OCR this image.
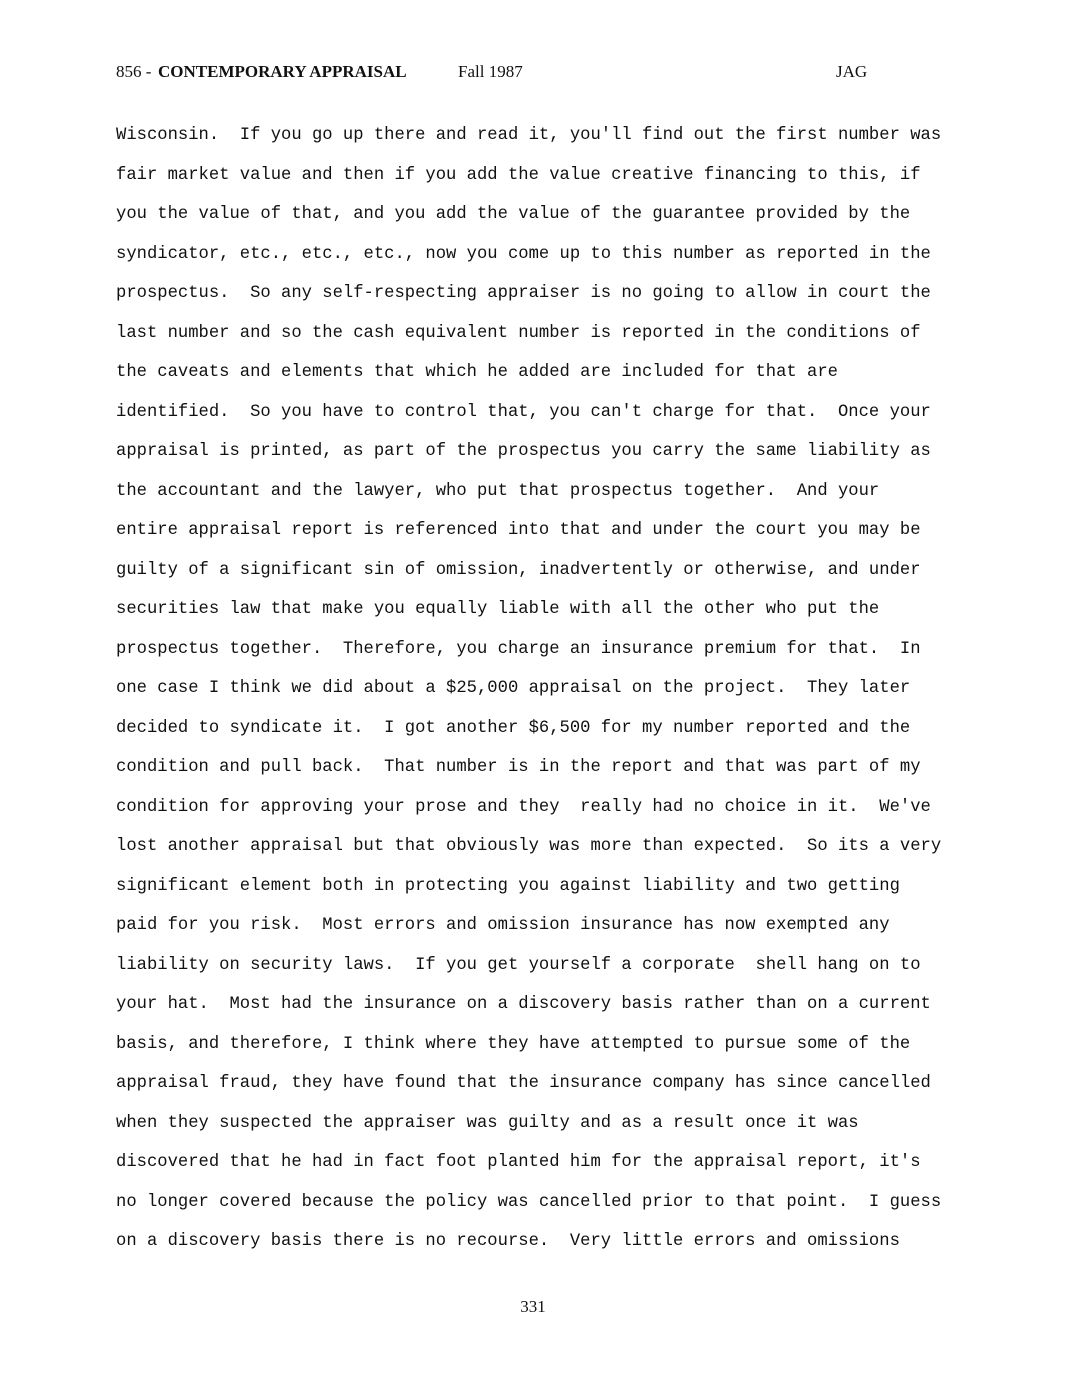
856 - CONTEMPORARY APPRAISAL	Fall 1987	JAG
Wisconsin.  If you go up there and read it, you'll find out the first number was
fair market value and then if you add the value creative financing to this, if
you the value of that, and you add the value of the guarantee provided by the
syndicator, etc., etc., etc., now you come up to this number as reported in the
prospectus.  So any self-respecting appraiser is no going to allow in court the
last number and so the cash equivalent number is reported in the conditions of
the caveats and elements that which he added are included for that are
identified.  So you have to control that, you can't charge for that.  Once your
appraisal is printed, as part of the prospectus you carry the same liability as
the accountant and the lawyer, who put that prospectus together.  And your
entire appraisal report is referenced into that and under the court you may be
guilty of a significant sin of omission, inadvertently or otherwise, and under
securities law that make you equally liable with all the other who put the
prospectus together.  Therefore, you charge an insurance premium for that.  In
one case I think we did about a $25,000 appraisal on the project.  They later
decided to syndicate it.  I got another $6,500 for my number reported and the
condition and pull back.  That number is in the report and that was part of my
condition for approving your prose and they  really had no choice in it.  We've
lost another appraisal but that obviously was more than expected.  So its a very
significant element both in protecting you against liability and two getting
paid for you risk.  Most errors and omission insurance has now exempted any
liability on security laws.  If you get yourself a corporate  shell hang on to
your hat.  Most had the insurance on a discovery basis rather than on a current
basis, and therefore, I think where they have attempted to pursue some of the
appraisal fraud, they have found that the insurance company has since cancelled
when they suspected the appraiser was guilty and as a result once it was
discovered that he had in fact foot planted him for the appraisal report, it's
no longer covered because the policy was cancelled prior to that point.  I guess
on a discovery basis there is no recourse.  Very little errors and omissions
331
